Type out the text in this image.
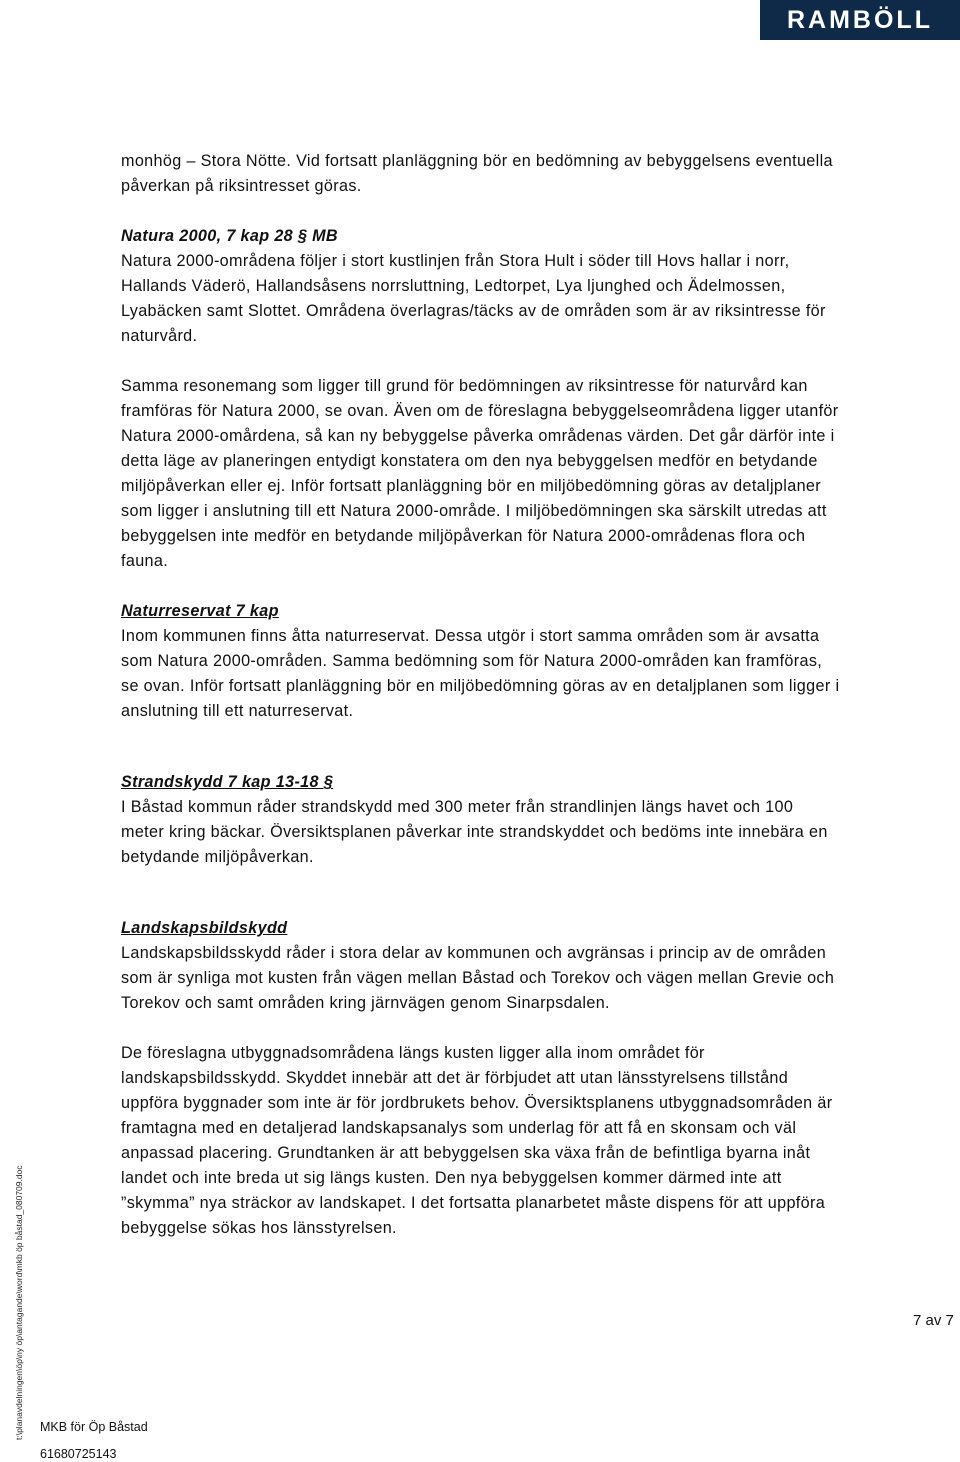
RAMBÖLL

monhög – Stora Nötte. Vid fortsatt planläggning bör en bedömning av bebyggelsens eventuella påverkan på riksintresset göras.

Natura 2000, 7 kap 28 § MB

Natura 2000-områdena följer i stort kustlinjen från Stora Hult i söder till Hovs hallar i norr, Hallands Väderö, Hallandsåsens norrsluttning, Ledtorpet, Lya ljunghed och Ädelmossen, Lyabäcken samt Slottet. Områdena överlagras/täcks av de områden som är av riksintresse för naturvård.

Samma resonemang som ligger till grund för bedömningen av riksintresse för naturvård kan framföras för Natura 2000, se ovan. Även om de föreslagna bebyggelseområdena ligger utanför Natura 2000-omårdena, så kan ny bebyggelse påverka områdenas värden. Det går därför inte i detta läge av planeringen entydigt konstatera om den nya bebyggelsen medför en betydande miljöpåverkan eller ej. Inför fortsatt planläggning bör en miljöbedömning göras av detaljplaner som ligger i anslutning till ett Natura 2000-område. I miljöbedömningen ska särskilt utredas att bebyggelsen inte medför en betydande miljöpåverkan för Natura 2000-områdenas flora och fauna.

Naturreservat 7 kap

Inom kommunen finns åtta naturreservat. Dessa utgör i stort samma områden som är avsatta som Natura 2000-områden. Samma bedömning som för Natura 2000-områden kan framföras, se ovan. Inför fortsatt planläggning bör en miljöbedömning göras av en detaljplanen som ligger i anslutning till ett naturreservat.

Strandskydd 7 kap 13-18 §

I Båstad kommun råder strandskydd med 300 meter från strandlinjen längs havet och 100 meter kring bäckar. Översiktsplanen påverkar inte strandskyddet och bedöms inte innebära en betydande miljöpåverkan.

Landskapsbildskydd

Landskapsbildsskydd råder i stora delar av kommunen och avgränsas i princip av de områden som är synliga mot kusten från vägen mellan Båstad och Torekov och vägen mellan Grevie och Torekov och samt områden kring järnvägen genom Sinarpsdalen.

De föreslagna utbyggnadsområdena längs kusten ligger alla inom området för landskapsbildsskydd. Skyddet innebär att det är förbjudet att utan länsstyrelsens tillstånd uppföra byggnader som inte är för jordbrukets behov. Översiktsplanens utbyggnadsområden är framtagna med en detaljerad landskapsanalys som underlag för att få en skonsam och väl anpassad placering. Grundtanken är att bebyggelsen ska växa från de befintliga byarna inåt landet och inte breda ut sig längs kusten. Den nya bebyggelsen kommer därmed inte att ”skymma” nya sträckor av landskapet. I det fortsatta planarbetet måste dispens för att uppföra bebyggelse sökas hos länsstyrelsen.

7 av 7
MKB för Öp Båstad
61680725143
t:\planavdelningen\öp\ny öp\antagande\word\mkb öp båstad_080709.doc
